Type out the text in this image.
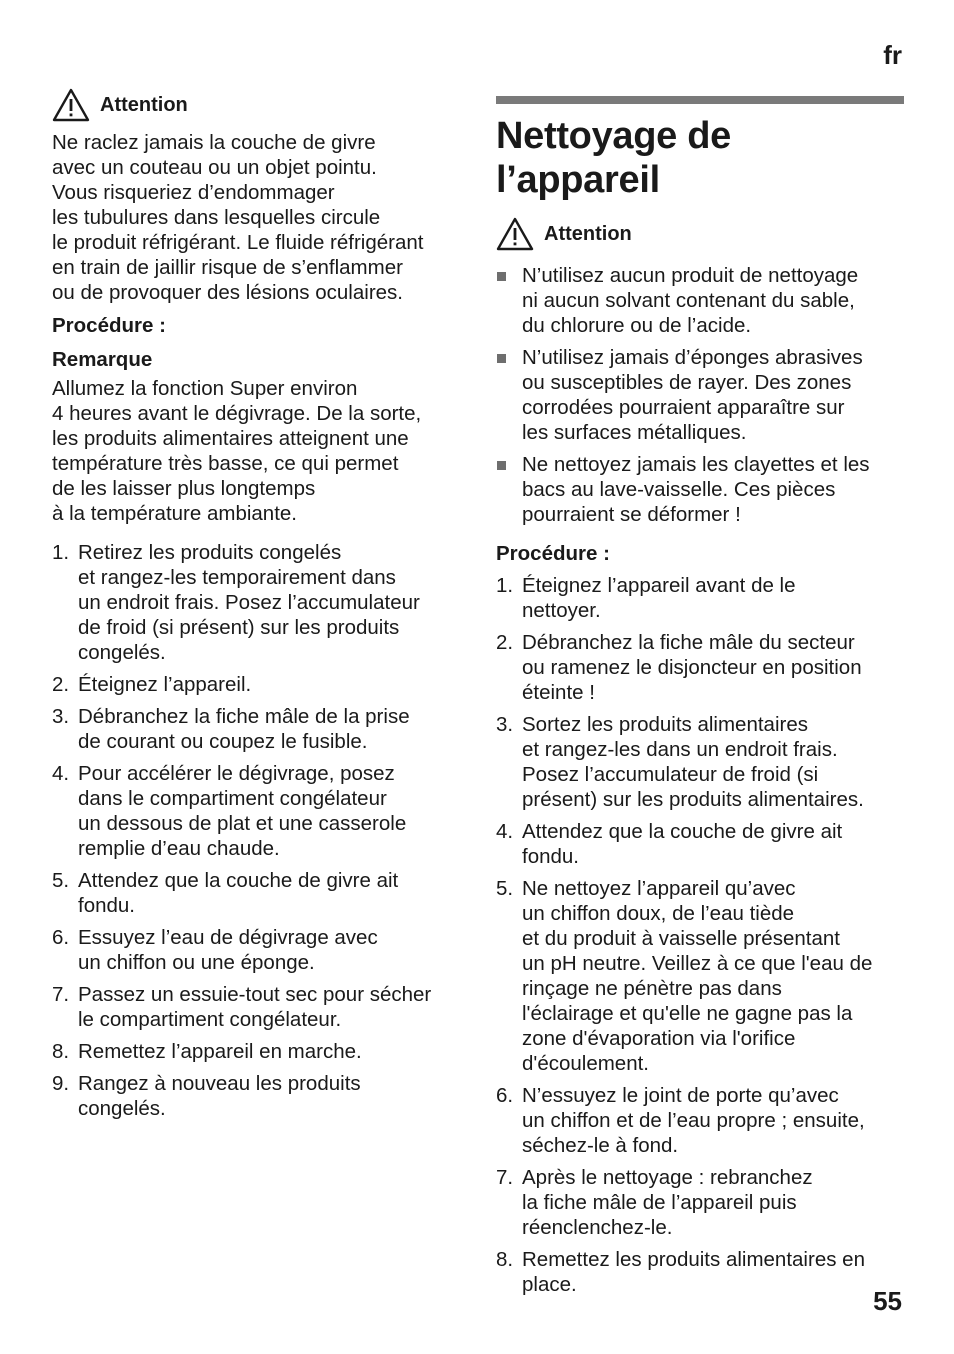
fr
Attention

Ne raclez jamais la couche de givre

avec un couteau ou un objet pointu.

Vous risqueriez d’endommager

les tubulures dans lesquelles circule

le produit réfrigérant. Le fluide réfrigérant

en train de jaillir risque de s’enflammer

ou de provoquer des lésions oculaires.

Procédure :

Remarque

Allumez la fonction Super environ

4 heures avant le dégivrage. De la sorte,

les produits alimentaires atteignent une

température très basse, ce qui permet

de les laisser plus longtemps

à la température ambiante.

1. Retirez les produits congelés
et rangez-les temporairement dans
un endroit frais. Posez l’accumulateur
de froid (si présent) sur les produits
congelés.
2. Éteignez l’appareil.
3. Débranchez la fiche mâle de la prise
de courant ou coupez le fusible.
4. Pour accélérer le dégivrage, posez
dans le compartiment congélateur
un dessous de plat et une casserole
remplie d’eau chaude.
5. Attendez que la couche de givre ait
fondu.
6. Essuyez l’eau de dégivrage avec
un chiffon ou une éponge.
7. Passez un essuie-tout sec pour sécher
le compartiment congélateur.
8. Remettez l’appareil en marche.
9. Rangez à nouveau les produits
congelés.
Nettoyage de l’appareil
Attention
N’utilisez aucun produit de nettoyage
ni aucun solvant contenant du sable,
du chlorure ou de l’acide.
N’utilisez jamais d’éponges abrasives
ou susceptibles de rayer. Des zones
corrodées pourraient apparaître sur
les surfaces métalliques.
Ne nettoyez jamais les clayettes et les
bacs au lave-vaisselle. Ces pièces
pourraient se déformer !

Procédure :

1. Éteignez l’appareil avant de le
nettoyer.
2. Débranchez la fiche mâle du secteur
ou ramenez le disjoncteur en position
éteinte !
3. Sortez les produits alimentaires
et rangez-les dans un endroit frais.
Posez l’accumulateur de froid (si
présent) sur les produits alimentaires.
4. Attendez que la couche de givre ait
fondu.
5. Ne nettoyez l’appareil qu’avec
un chiffon doux, de l’eau tiède
et du produit à vaisselle présentant
un pH neutre. Veillez à ce que l'eau de
rinçage ne pénètre pas dans
l'éclairage et qu'elle ne gagne pas la
zone d'évaporation via l'orifice
d'écoulement.
6. N’essuyez le joint de porte qu’avec
un chiffon et de l’eau propre ; ensuite,
séchez-le à fond.
7. Après le nettoyage : rebranchez
la fiche mâle de l’appareil puis
réenclenchez-le.
8. Remettez les produits alimentaires en
place.
55
